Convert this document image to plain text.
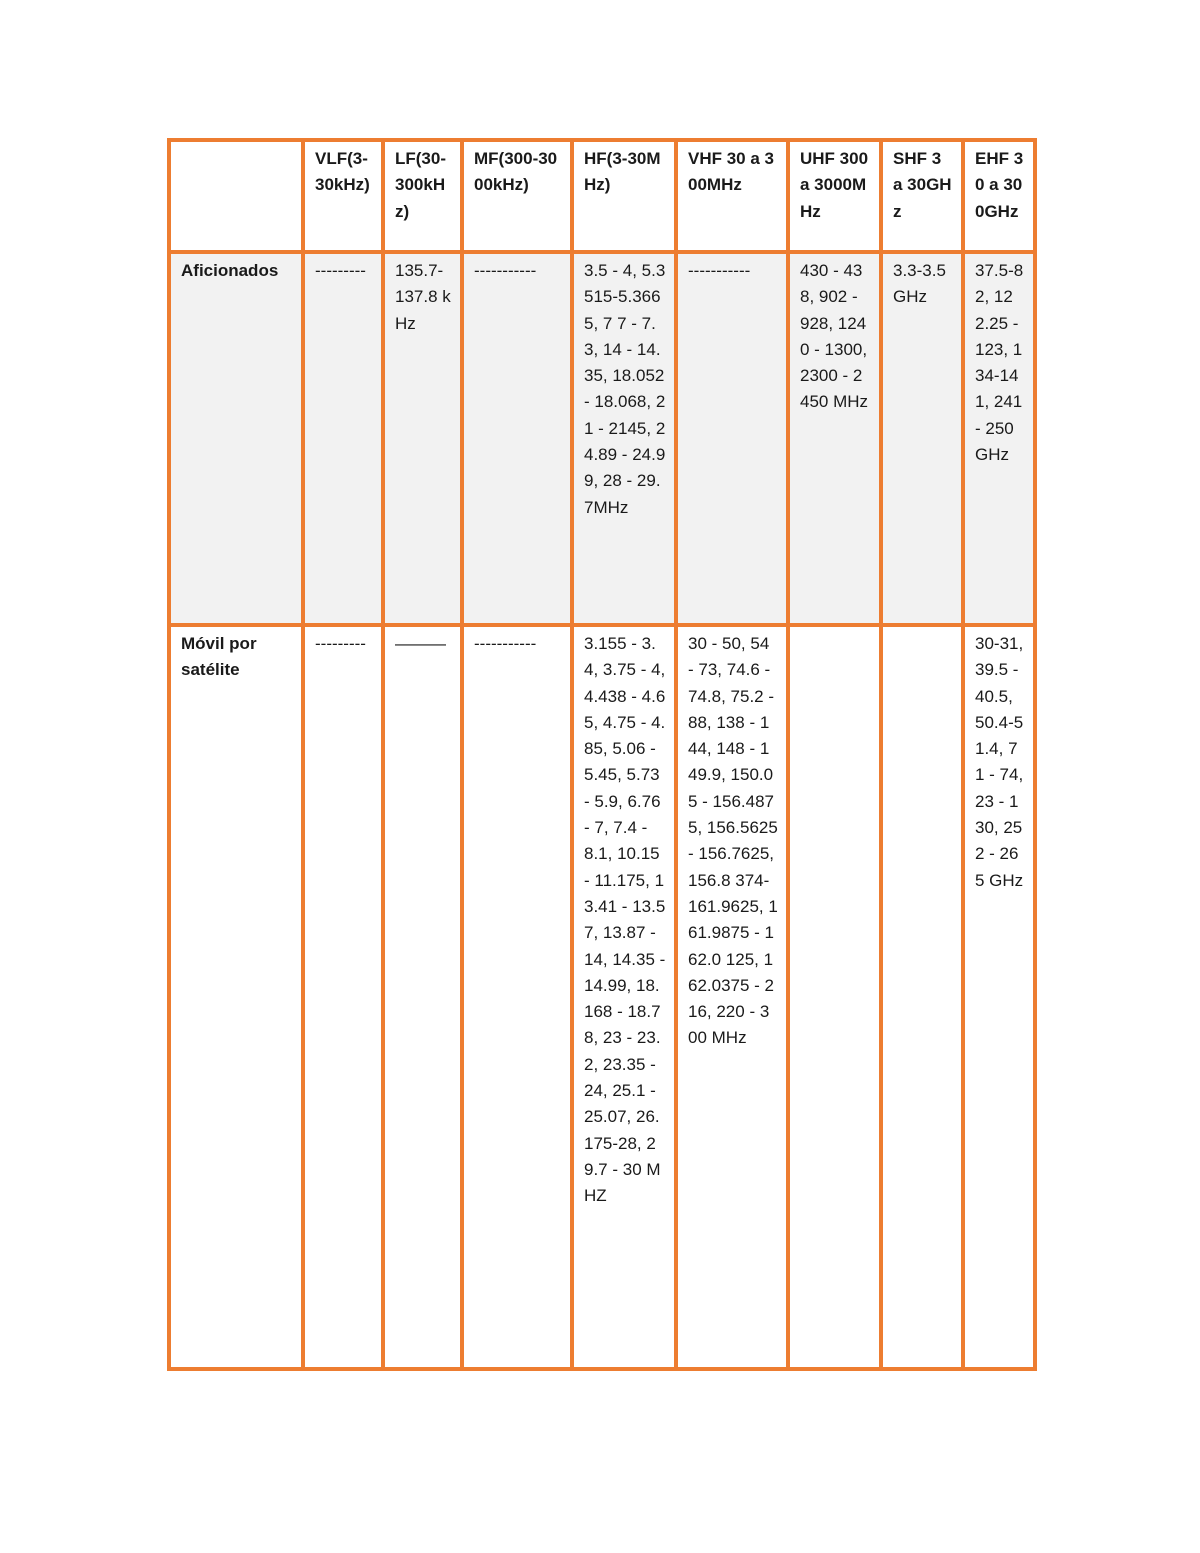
	VLF(3-30kHz)	LF(30-300kHz)	MF(300-3000kHz)	HF(3-30MHz)	VHF 30 a 300MHz	UHF 300 a 3000MHz	SHF 3 a 30GHz	EHF 30 a 300GHz
Aficionados	---------	135.7-137.8 kHz	-----------	3.5 - 4, 5.3515-5.3665, 7 7 - 7.3, 14 - 14.35, 18.052 - 18.068, 21 - 2145, 24.89 - 24.99, 28 - 29.7MHz	-----------	430 - 438, 902 - 928, 1240 - 1300, 2300 - 2450 MHz	3.3-3.5GHz	37.5-82, 122.25 - 123, 134-141, 241 - 250 GHz
Móvil por satélite	---------	———	-----------	3.155 - 3.4, 3.75 - 4, 4.438 - 4.65, 4.75 - 4.85, 5.06 - 5.45, 5.73 - 5.9, 6.76 - 7, 7.4 - 8.1, 10.15 - 11.175, 13.41 - 13.57, 13.87 - 14, 14.35 - 14.99, 18. 168 - 18.78, 23 - 23.2, 23.35 - 24, 25.1 - 25.07, 26.175-28, 29.7 - 30 MHZ	30 - 50, 54 - 73, 74.6 - 74.8, 75.2 - 88, 138 - 144, 148 - 149.9, 150.05 - 156.4875, 156.5625 - 156.7625, 156.8 374-161.9625, 161.9875 - 162.0 125, 162.0375 - 216, 220 - 300 MHz			30-31, 39.5 - 40.5, 50.4-51.4, 71 - 74, 23 - 130, 252 - 265 GHz
